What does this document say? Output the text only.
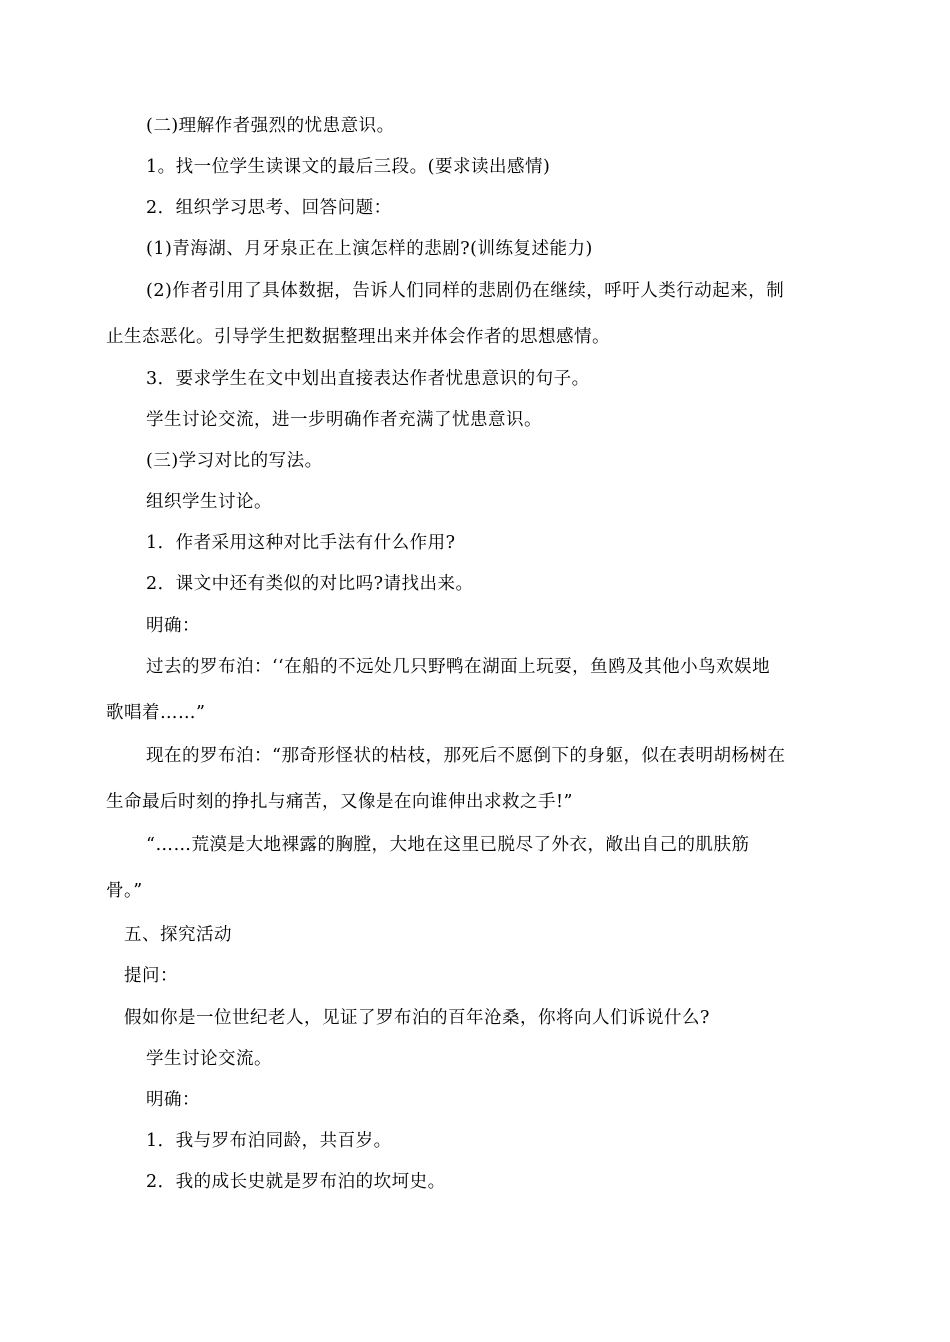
(二)理解作者强烈的忧患意识。
1。找一位学生读课文的最后三段。(要求读出感情)
2．组织学习思考、回答问题：
(1)青海湖、月牙泉正在上演怎样的悲剧?(训练复述能力)
(2)作者引用了具体数据，告诉人们同样的悲剧仍在继续，呼吁人类行动起来，制
止生态恶化。引导学生把数据整理出来并体会作者的思想感情。
3．要求学生在文中划出直接表达作者忧患意识的句子。
学生讨论交流，进一步明确作者充满了忧患意识。
(三)学习对比的写法。
组织学生讨论。
1．作者采用这种对比手法有什么作用?
2．课文中还有类似的对比吗?请找出来。
明确：
过去的罗布泊：‘‘在船的不远处几只野鸭在湖面上玩耍，鱼鸥及其他小鸟欢娱地
歌唱着……”
现在的罗布泊：“那奇形怪状的枯枝，那死后不愿倒下的身躯，似在表明胡杨树在
生命最后时刻的挣扎与痛苦，又像是在向谁伸出求救之手!”
“……荒漠是大地裸露的胸膛，大地在这里已脱尽了外衣，敞出自己的肌肤筋
骨。”
五、探究活动
提问：
假如你是一位世纪老人，见证了罗布泊的百年沧桑，你将向人们诉说什么?
学生讨论交流。
明确：
1．我与罗布泊同龄，共百岁。
2．我的成长史就是罗布泊的坎坷史。
